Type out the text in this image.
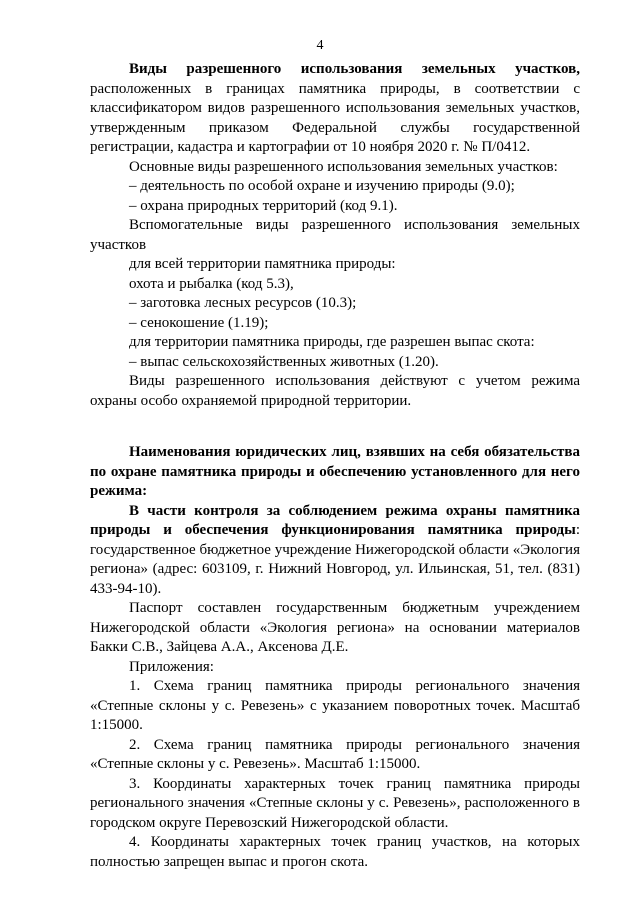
4

Виды разрешенного использования земельных участков, расположенных в границах памятника природы, в соответствии с классификатором видов разрешенного использования земельных участков, утвержденным приказом Федеральной службы государственной регистрации, кадастра и картографии от 10 ноября 2020 г. № П/0412.

Основные виды разрешенного использования земельных участков:

– деятельность по особой охране и изучению природы (9.0);

– охрана природных территорий (код 9.1).

Вспомогательные виды разрешенного использования земельных участков

для всей территории памятника природы:

охота и рыбалка (код 5.3),

– заготовка лесных ресурсов (10.3);

– сенокошение (1.19);

для территории памятника природы, где разрешен выпас скота:

– выпас сельскохозяйственных животных (1.20).

Виды разрешенного использования действуют с учетом режима охраны особо охраняемой природной территории.

Наименования юридических лиц, взявших на себя обязательства по охране памятника природы и обеспечению установленного для него режима:

В части контроля за соблюдением режима охраны памятника природы и обеспечения функционирования памятника природы: государственное бюджетное учреждение Нижегородской области «Экология региона» (адрес: 603109, г. Нижний Новгород, ул. Ильинская, 51, тел. (831) 433-94-10).

Паспорт составлен государственным бюджетным учреждением Нижегородской области «Экология региона» на основании материалов Бакки С.В., Зайцева А.А., Аксенова Д.Е.

Приложения:

1. Схема границ памятника природы регионального значения «Степные склоны у с. Ревезень» с указанием поворотных точек. Масштаб 1:15000.

2. Схема границ памятника природы регионального значения «Степные склоны у с. Ревезень». Масштаб 1:15000.

3. Координаты характерных точек границ памятника природы регионального значения «Степные склоны у с. Ревезень», расположенного в городском округе Перевозский Нижегородской области.

4. Координаты характерных точек границ участков, на которых полностью запрещен выпас и прогон скота.
